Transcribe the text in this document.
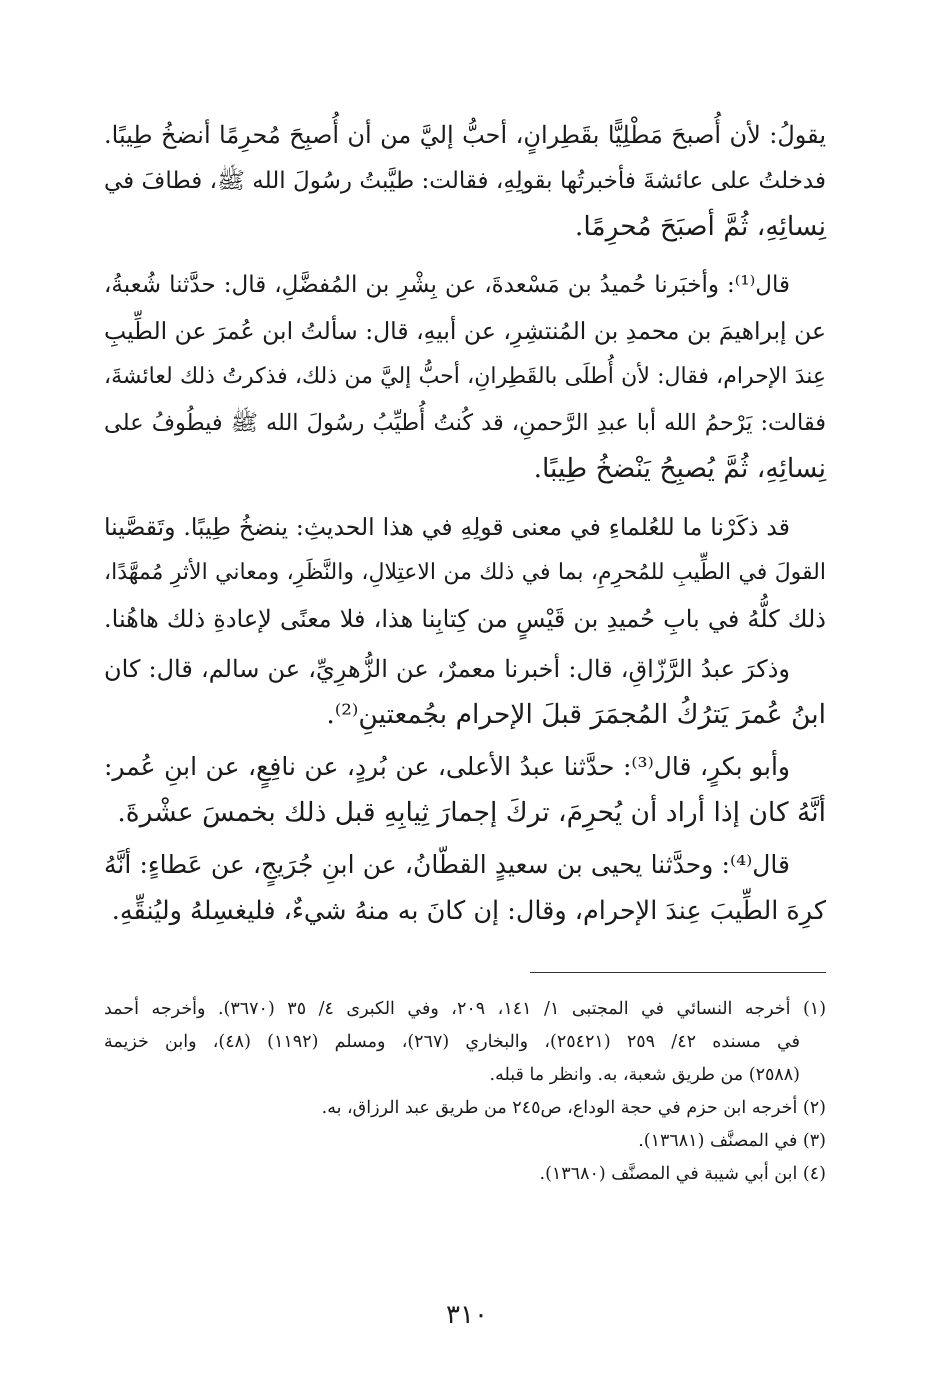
يقولُ: لأن أُصبحَ مَطْلِيًّا بقَطِرانٍ، أحبُّ إليَّ من أن أُصبِحَ مُحرِمًا أنضخُ طِيبًا.
فدخلتُ على عائشةَ فأخبرتُها بقولِهِ، فقالت: طيَّبتُ رسُولَ الله ﷺ، فطافَ في
نِسائِهِ، ثُمَّ أصبَحَ مُحرِمًا.
قال⁽¹⁾: وأخبَرنا حُميدُ بن مَسْعدةَ، عن بِشْرِ بن المُفضَّلِ، قال: حدَّثنا شُعبةُ،
عن إبراهيمَ بن محمدِ بن المُنتشِرِ، عن أبيهِ، قال: سألتُ ابن عُمرَ عن الطِّيبِ
عِندَ الإحرام، فقال: لأن أُطلَى بالقَطِرانِ، أحبُّ إليَّ من ذلك، فذكرتُ ذلك لعائشةَ،
فقالت: يَرْحمُ الله أبا عبدِ الرَّحمنِ، قد كُنتُ أُطيِّبُ رسُولَ الله ﷺ فيطُوفُ على
نِسائِهِ، ثُمَّ يُصبِحُ يَنْضخُ طِيبًا.
قد ذكَرْنا ما للعُلماءِ في معنى قولِهِ في هذا الحديثِ: ينضخُ طِيبًا. وتَقصَّينا
القولَ في الطِّيبِ للمُحرِمِ، بما في ذلك من الاعتِلالِ، والنَّظَرِ، ومعاني الأثرِ مُمهَّدًا،
ذلك كلُّهُ في بابِ حُميدِ بن قَيْسٍ من كِتابِنا هذا، فلا معنًى لإعادةِ ذلك هاهُنا.
وذكرَ عبدُ الرَّزّاقِ، قال: أخبرنا معمرٌ، عن الزُّهرِيِّ، عن سالم، قال: كان
ابنُ عُمرَ يَترُكُ المُجمَرَ قبلَ الإحرام بجُمعتينِ⁽²⁾.
وأبو بكرٍ، قال⁽³⁾: حدَّثنا عبدُ الأعلى، عن بُردٍ، عن نافِعٍ، عن ابنِ عُمر:
أنَّهُ كان إذا أراد أن يُحرِمَ، تركَ إجمارَ ثِيابِهِ قبل ذلك بخمسَ عشْرةَ.
قال⁽⁴⁾: وحدَّثنا يحيى بن سعيدٍ القطّانُ، عن ابنِ جُرَيجٍ، عن عَطاءٍ: أنَّهُ
كرِهَ الطِّيبَ عِندَ الإحرام، وقال: إن كانَ به منهُ شيءٌ، فليغسِلهُ وليُنقِّهِ.
(١) أخرجه النسائي في المجتبى ١/ ١٤١، ٢٠٩، وفي الكبرى ٤/ ٣٥ (٣٦٧٠). وأخرجه أحمد
في مسنده ٤٢/ ٢٥٩ (٢٥٤٢١)، والبخاري (٢٦٧)، ومسلم (١١٩٢) (٤٨)، وابن خزيمة
(٢٥٨٨) من طريق شعبة، به. وانظر ما قبله.
(٢) أخرجه ابن حزم في حجة الوداع، ص٢٤٥ من طريق عبد الرزاق، به.
(٣) في المصنَّف (١٣٦٨١).
(٤) ابن أبي شيبة في المصنَّف (١٣٦٨٠).
٣١٠
